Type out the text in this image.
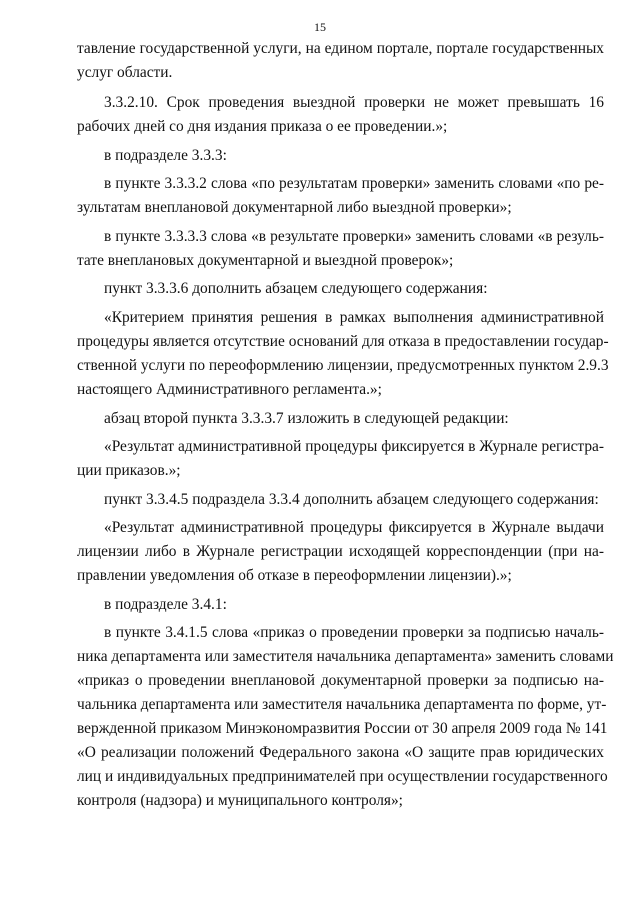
15
тавление государственной услуги, на едином портале, портале государственных
услуг области.
3.3.2.10. Срок проведения выездной проверки не может превышать 16
рабочих дней со дня издания приказа о ее проведении.»;
в подразделе 3.3.3:
в пункте 3.3.3.2 слова «по результатам проверки» заменить словами «по ре-
зультатам внеплановой документарной либо выездной проверки»;
в пункте 3.3.3.3 слова «в результате проверки» заменить словами «в резуль-
тате внеплановых документарной и выездной проверок»;
пункт 3.3.3.6 дополнить абзацем следующего содержания:
«Критерием принятия решения в рамках выполнения административной
процедуры является отсутствие оснований для отказа в предоставлении государ-
ственной услуги по переоформлению лицензии, предусмотренных пунктом 2.9.3
настоящего Административного регламента.»;
абзац второй пункта 3.3.3.7 изложить в следующей редакции:
«Результат административной процедуры фиксируется в Журнале регистра-
ции приказов.»;
пункт 3.3.4.5 подраздела 3.3.4 дополнить абзацем следующего содержания:
«Результат административной процедуры фиксируется в Журнале выдачи
лицензии либо в Журнале регистрации исходящей корреспонденции (при на-
правлении уведомления об отказе в переоформлении лицензии).»;
в подразделе 3.4.1:
в пункте 3.4.1.5 слова «приказ о проведении проверки за подписью началь-
ника департамента или заместителя начальника департамента» заменить словами
«приказ о проведении внеплановой документарной проверки за подписью на-
чальника департамента или заместителя начальника департамента по форме, ут-
вержденной приказом Минэкономразвития России от 30 апреля 2009 года № 141
«О реализации положений Федерального закона «О защите прав юридических
лиц и индивидуальных предпринимателей при осуществлении государственного
контроля (надзора) и муниципального контроля»;
